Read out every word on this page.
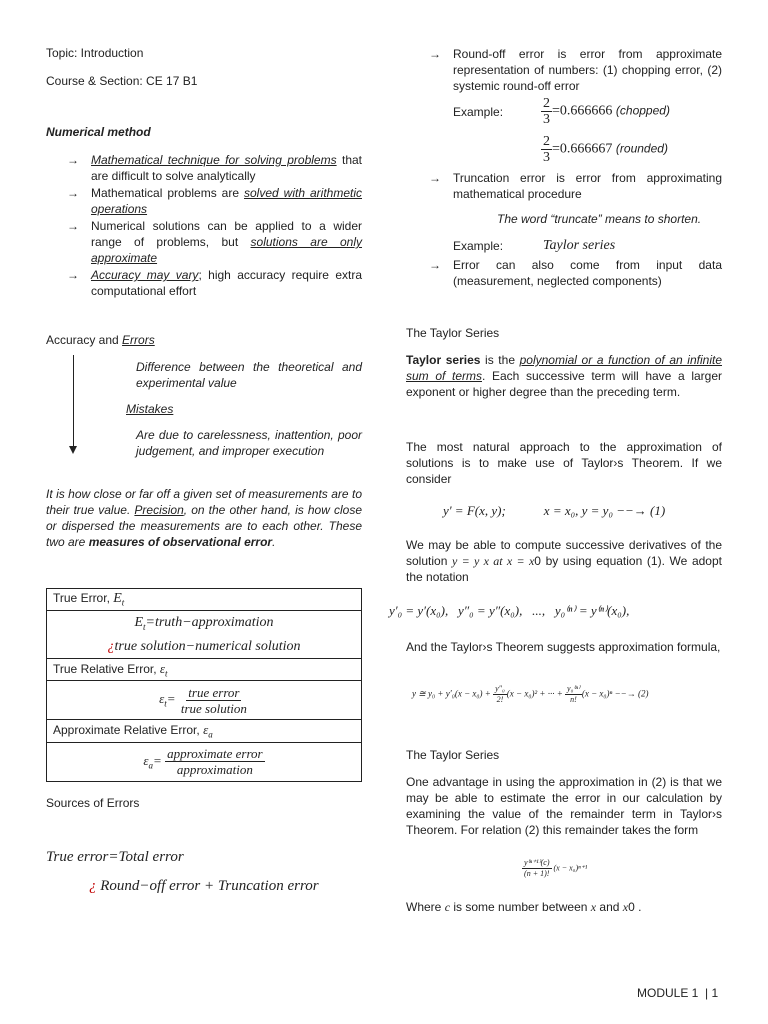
Topic: Introduction
Course & Section: CE 17 B1
Numerical method
→ Mathematical technique for solving problems that are difficult to solve analytically
→ Mathematical problems are solved with arithmetic operations
→ Numerical solutions can be applied to a wider range of problems, but solutions are only approximate
→ Accuracy may vary; high accuracy require extra computational effort
Accuracy and Errors
Difference between the theoretical and experimental value
Mistakes
Are due to carelessness, inattention, poor judgement, and improper execution
It is how close or far off a given set of measurements are to their true value. Precision, on the other hand, is how close or dispersed the measurements are to each other. These two are measures of observational error.
True Error, $E_t$

$E_t=truth-approximation$
¿true solution−numerical solution

True Relative Error, $\varepsilon_t$
$\varepsilon_t= \frac{\text{true error}}{\text{true solution}}$

Approximate Relative Error, $\varepsilon_a$
$\varepsilon_a= \frac{\text{approximate error}}{\text{approximation}}$
Sources of Errors
True error=Total error
¿ Round−off error + Truncation error
→ Round-off error is error from approximate representation of numbers: (1) chopping error, (2) systemic round-off error
Example:	$\frac{2}{3} =0.666666$ (chopped)
$\frac{2}{3} =0.666667$ (rounded)
→ Truncation error is error from approximating mathematical procedure
The word “truncate” means to shorten.
Example:	Taylor series
→ Error can also come from input data (measurement, neglected components)
The Taylor Series
Taylor series is the polynomial or a function of an infinite sum of terms. Each successive term will have a larger exponent or higher degree than the preceding term.
The most natural approach to the approximation of solutions is to make use of Taylor›s Theorem. If we consider
y' = F(x, y);	x = x₀, y = y₀ −−→ (1)
We may be able to compute successive derivatives of the solution y = y x at x = x0 by using equation (1). We adopt the notation
y′₀ = y′(x₀),   y″₀ = y″(x₀),   ...,   y₀⁽ⁿ⁾ = y⁽ⁿ⁾(x₀),
And the Taylor›s Theorem suggests approximation formula,
y ≅ $y_0 + y'_0(x - x_0) + \frac{\text{y″₀}}{2!} (x - x_0)^2$ + ··· + $\frac{\text{y₀⁽ⁿ⁾}}{n!} (x - x_0)^n$ −−→ (2)
The Taylor Series
One advantage in using the approximation in (2) is that we may be able to estimate the error in our calculation by examining the value of the remainder term in Taylor›s Theorem. For relation (2) this remainder takes the form
$\frac{\text{y⁽ⁿ⁺¹⁾(c)}}{(n + 1)!} (x - x_0)^{n+1}$
Where c is some number between x and x0 .
MODULE 1  | 1
